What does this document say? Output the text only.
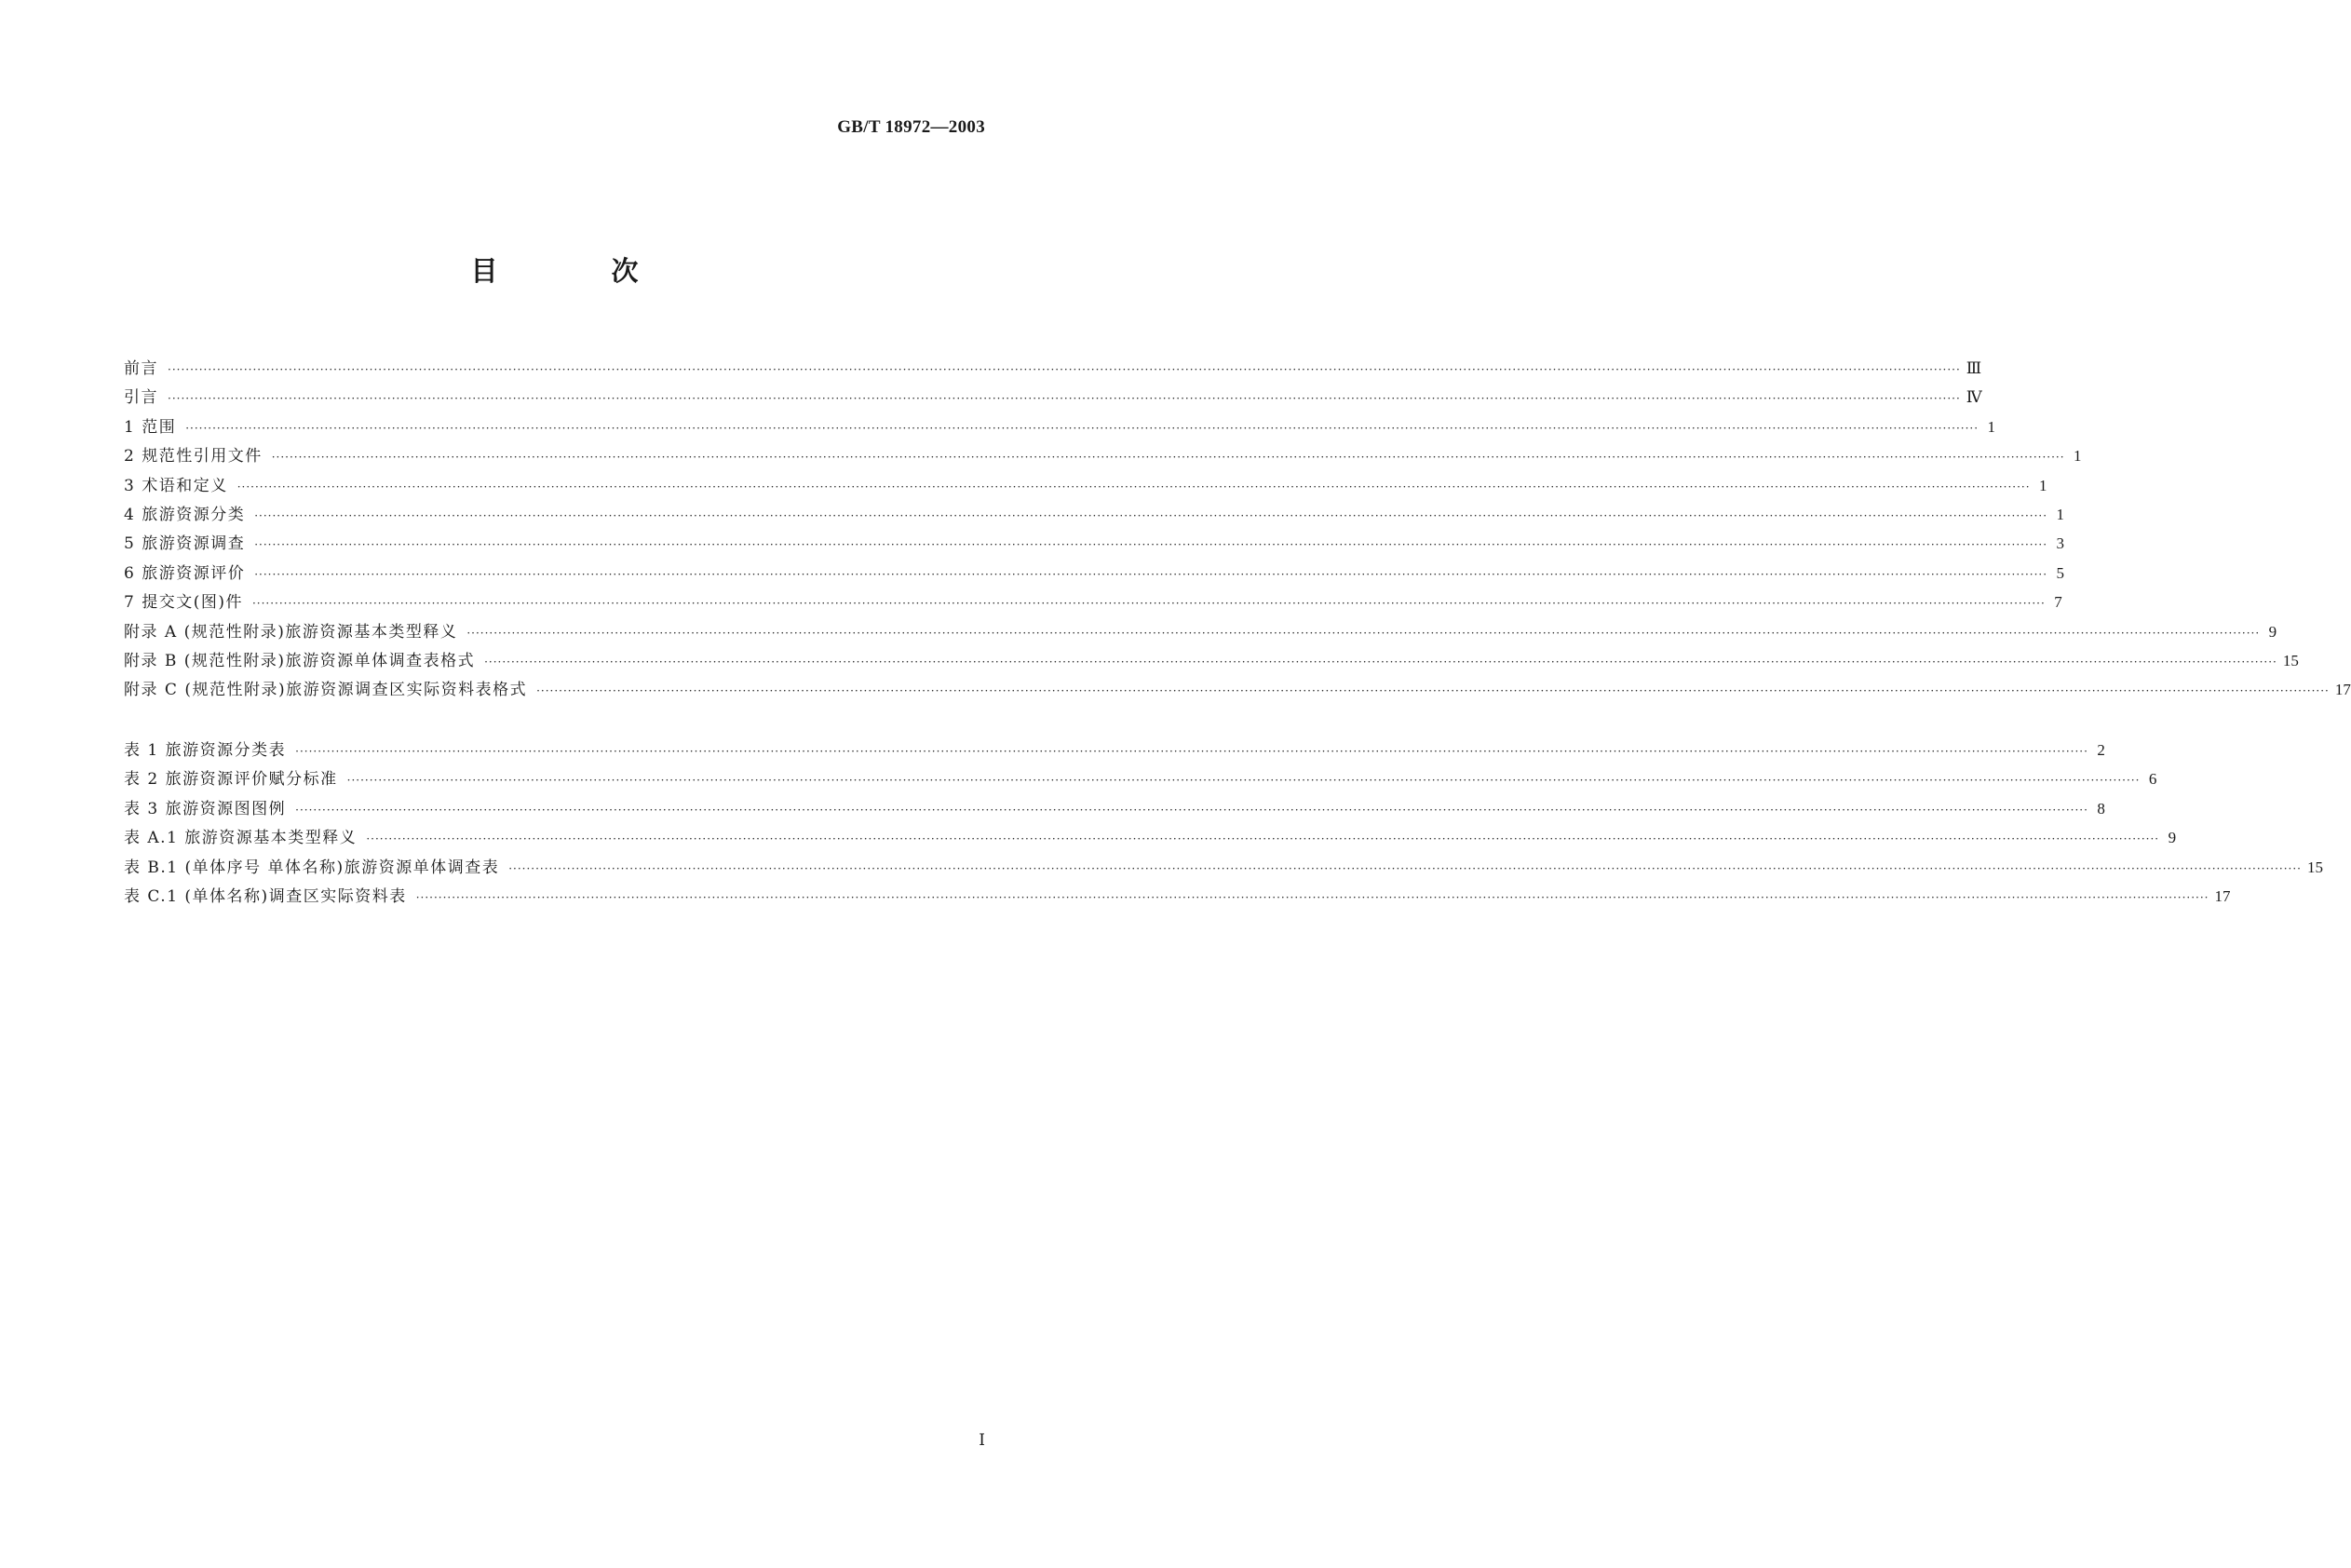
GB/T 18972—2003
目 次
前言 ················································································································································································································································································································································································································ Ⅲ
引言 ················································································································································································································································································································································································································ Ⅳ
1 范围 ················································································································································································································································································································································································································ 1
2 规范性引用文件 ················································································································································································································································································································································································································ 1
3 术语和定义 ················································································································································································································································································································································································································ 1
4 旅游资源分类 ················································································································································································································································································································································································································ 1
5 旅游资源调查 ················································································································································································································································································································································································································ 3
6 旅游资源评价 ················································································································································································································································································································································································································ 5
7 提交文(图)件 ················································································································································································································································································································································································································ 7
附录 A (规范性附录)旅游资源基本类型释义 ················································································································································································································································································································································································································ 9
附录 B (规范性附录)旅游资源单体调查表格式 ················································································································································································································································································································································································································ 15
附录 C (规范性附录)旅游资源调查区实际资料表格式 ················································································································································································································································································································································································································ 17
表 1 旅游资源分类表 ················································································································································································································································································································································································································ 2
表 2 旅游资源评价赋分标准 ················································································································································································································································································································································································································ 6
表 3 旅游资源图图例 ················································································································································································································································································································································································································ 8
表 A.1 旅游资源基本类型释义 ················································································································································································································································································································································································································ 9
表 B.1 (单体序号 单体名称)旅游资源单体调查表 ················································································································································································································································································································································································································ 15
表 C.1 (单体名称)调查区实际资料表 ················································································································································································································································································································································································································ 17
Ⅰ
